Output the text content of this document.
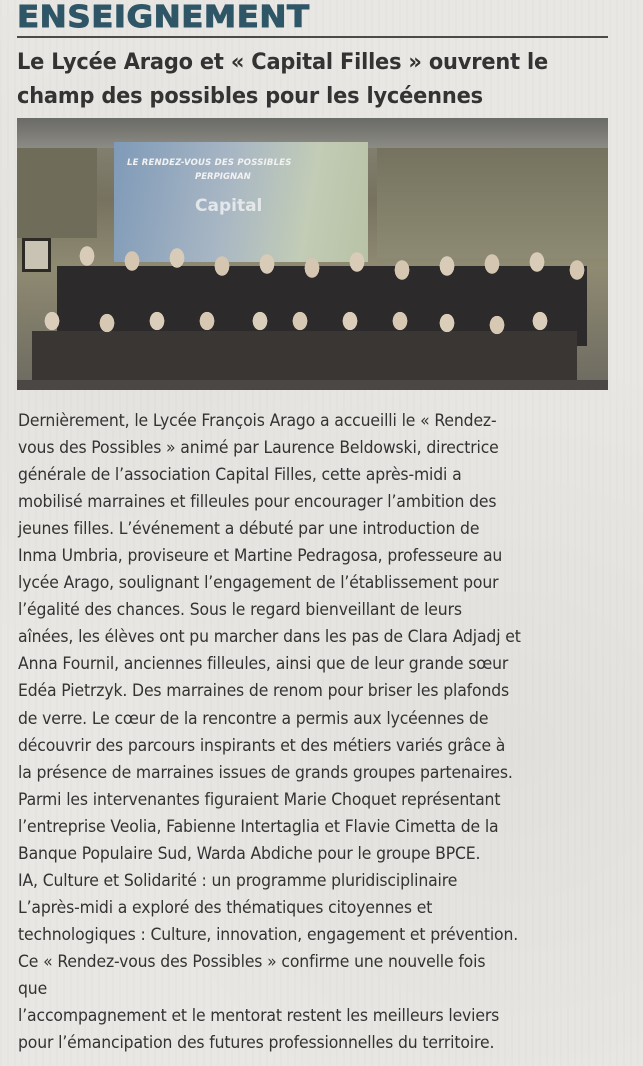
ENSEIGNEMENT
Le Lycée Arago et « Capital Filles » ouvrent le
champ des possibles pour les lycéennes
LE RENDEZ-VOUS DES POSSIBLES
PERPIGNAN
Capital
Dernièrement, le Lycée François Arago a accueilli le « Rendez-
vous des Possibles » animé par Laurence Beldowski, directrice
générale de l’association Capital Filles, cette après-midi a
mobilisé marraines et filleules pour encourager l’ambition des
jeunes filles. L’événement a débuté par une introduction de
Inma Umbria, proviseure et Martine Pedragosa, professeure au
lycée Arago, soulignant l’engagement de l’établissement pour
l’égalité des chances. Sous le regard bienveillant de leurs
aînées, les élèves ont pu marcher dans les pas de Clara Adjadj et
Anna Fournil, anciennes filleules, ainsi que de leur grande sœur
Edéa Pietrzyk. Des marraines de renom pour briser les plafonds
de verre. Le cœur de la rencontre a permis aux lycéennes de
découvrir des parcours inspirants et des métiers variés grâce à
la présence de marraines issues de grands groupes partenaires.
Parmi les intervenantes figuraient Marie Choquet représentant
l’entreprise Veolia, Fabienne Intertaglia et Flavie Cimetta de la
Banque Populaire Sud, Warda Abdiche pour le groupe BPCE.
IA, Culture et Solidarité : un programme pluridisciplinaire
L’après-midi a exploré des thématiques citoyennes et
technologiques : Culture, innovation, engagement et prévention.
Ce « Rendez-vous des Possibles » confirme une nouvelle fois
que
l’accompagnement et le mentorat restent les meilleurs leviers
pour l’émancipation des futures professionnelles du territoire.
